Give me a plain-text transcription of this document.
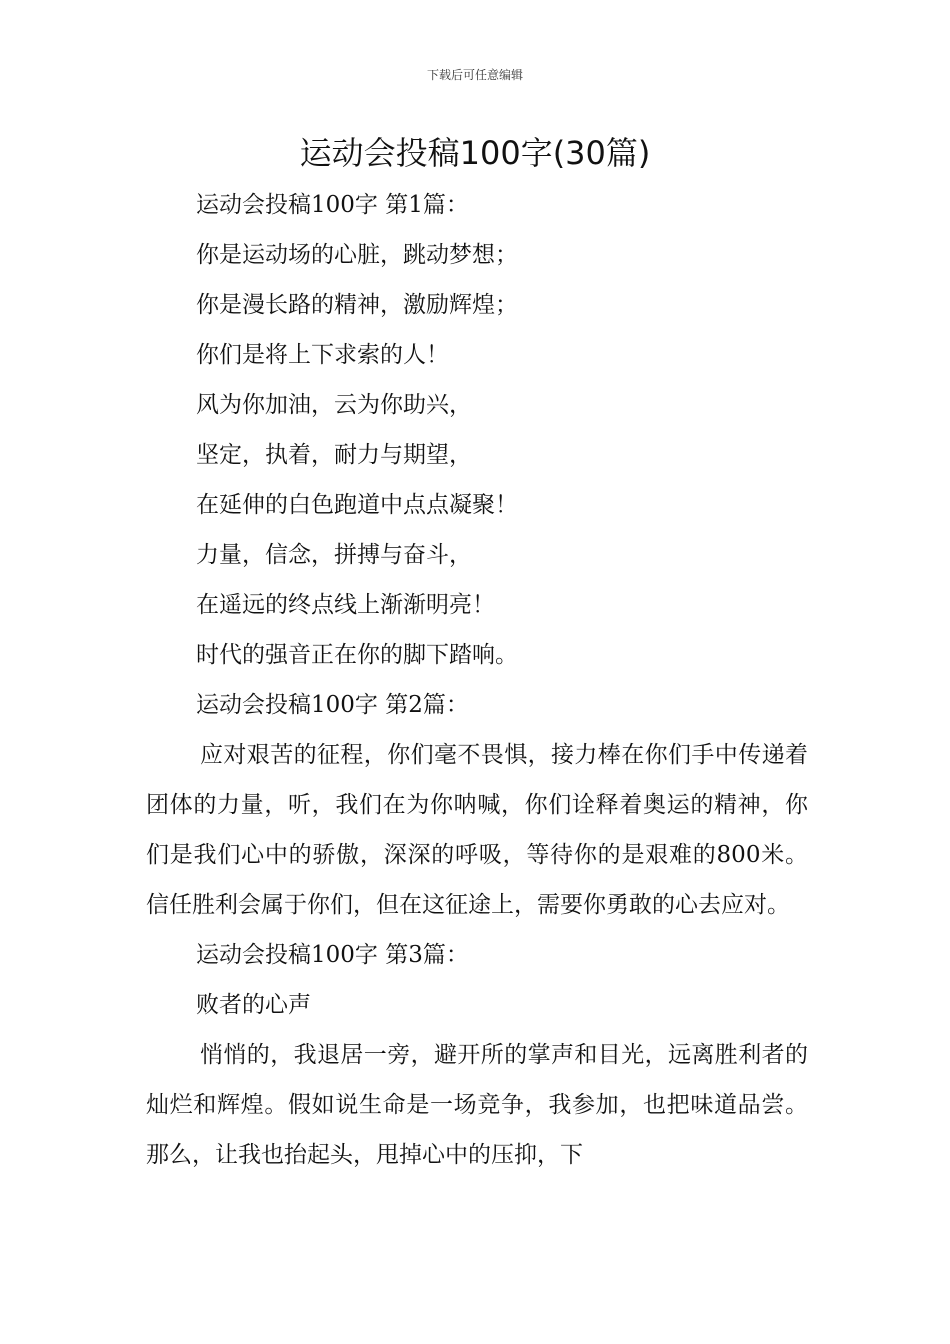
下载后可任意编辑
运动会投稿100字(30篇)
运动会投稿100字 第1篇：
你是运动场的心脏，跳动梦想；
你是漫长路的精神，激励辉煌；
你们是将上下求索的人！
风为你加油，云为你助兴，
坚定，执着，耐力与期望，
在延伸的白色跑道中点点凝聚！
力量，信念，拼搏与奋斗，
在遥远的终点线上渐渐明亮！
时代的强音正在你的脚下踏响。
运动会投稿100字 第2篇：

应对艰苦的征程，你们毫不畏惧，接力棒在你们手中传递着团体的力量，听，我们在为你呐喊，你们诠释着奥运的精神，你们是我们心中的骄傲，深深的呼吸，等待你的是艰难的800米。信任胜利会属于你们，但在这征途上，需要你勇敢的心去应对。

运动会投稿100字 第3篇：
败者的心声

悄悄的，我退居一旁，避开所的掌声和目光，远离胜利者的灿烂和辉煌。假如说生命是一场竞争，我参加，也把味道品尝。那么，让我也抬起头，甩掉心中的压抑，下
